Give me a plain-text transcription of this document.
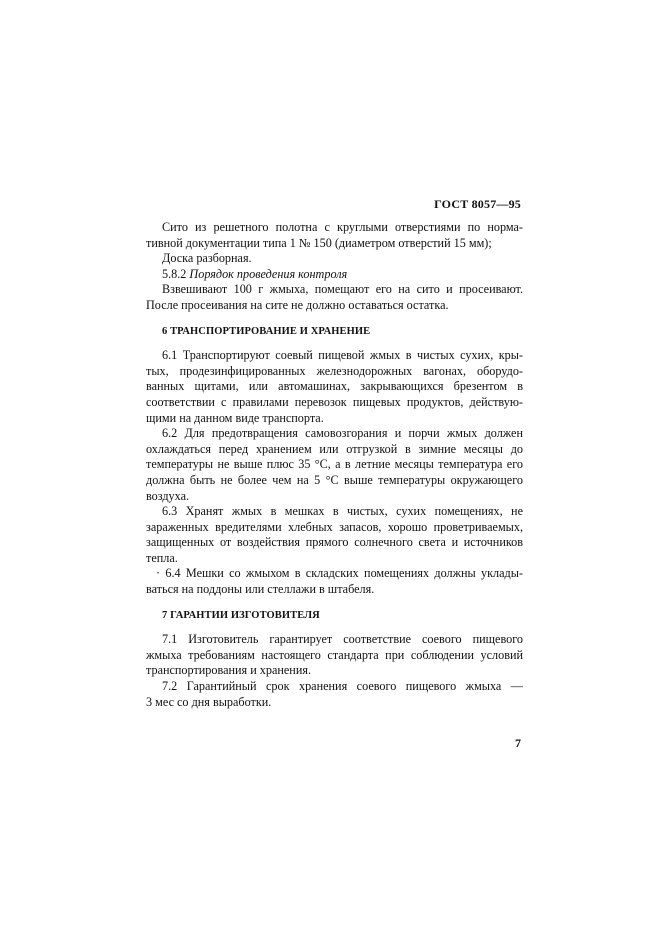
ГОСТ 8057—95
Сито из решетного полотна с круглыми отверстиями по норма-
тивной документации типа 1 № 150 (диаметром отверстий 15 мм);
Доска разборная.
5.8.2 Порядок проведения контроля
Взвешивают 100 г жмыха, помещают его на сито и просеивают.
После просеивания на сите не должно оставаться остатка.
6 ТРАНСПОРТИРОВАНИЕ И ХРАНЕНИЕ
6.1 Транспортируют соевый пищевой жмых в чистых сухих, кры-
тых, продезинфицированных железнодорожных вагонах, оборудо-
ванных щитами, или автомашинах, закрывающихся брезентом в
соответствии с правилами перевозок пищевых продуктов, действую-
щими на данном виде транспорта.
6.2 Для предотвращения самовозгорания и порчи жмых должен
охлаждаться перед хранением или отгрузкой в зимние месяцы до
температуры не выше плюс 35 °С, а в летние месяцы температура его
должна быть не более чем на 5 °С выше температуры окружающего
воздуха.
6.3 Хранят жмых в мешках в чистых, сухих помещениях, не
зараженных вредителями хлебных запасов, хорошо проветриваемых,
защищенных от воздействия прямого солнечного света и источников
тепла.
· 6.4 Мешки со жмыхом в складских помещениях должны уклады-
ваться на поддоны или стеллажи в штабеля.
7 ГАРАНТИИ ИЗГОТОВИТЕЛЯ
7.1 Изготовитель гарантирует соответствие соевого пищевого
жмыха требованиям настоящего стандарта при соблюдении условий
транспортирования и хранения.
7.2 Гарантийный срок хранения соевого пищевого жмыха —
3 мес со дня выработки.
7
